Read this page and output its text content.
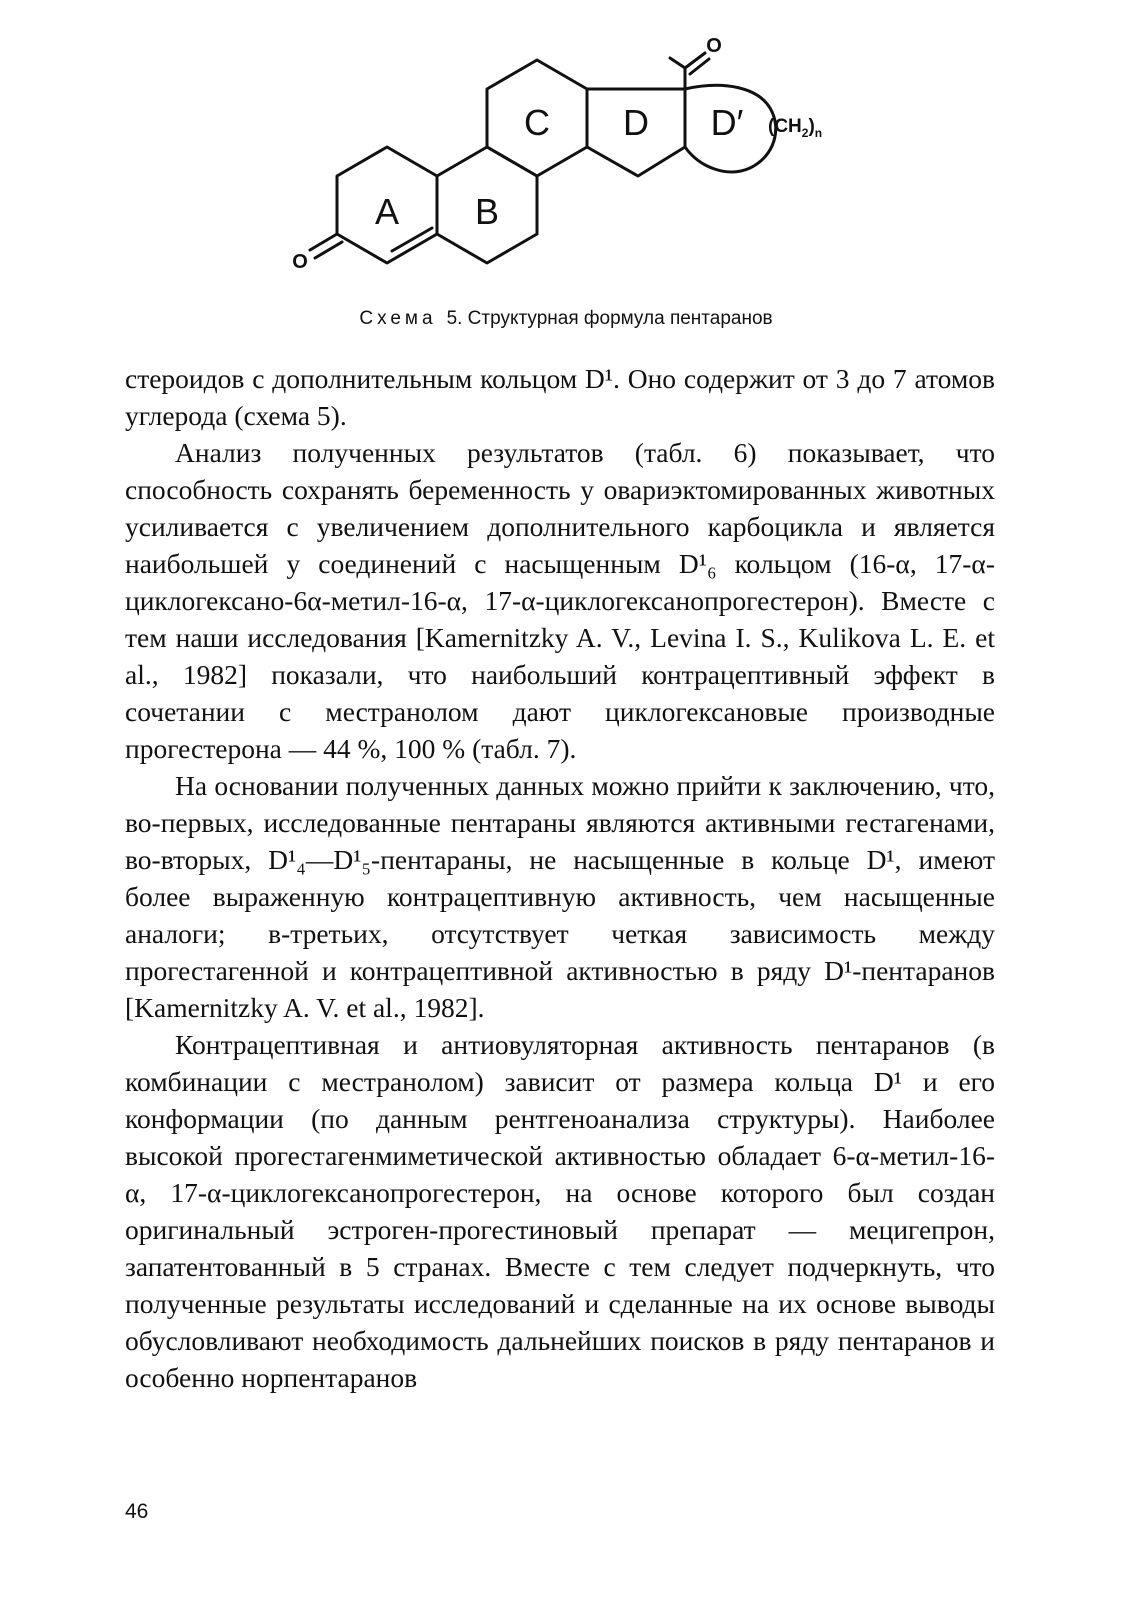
A B
C D D′
O
O
$(CH_2)_n$
Схема 5. Структурная формула пентаранов

стероидов с дополнительным кольцом D¹. Оно содержит от 3 до 7 атомов углерода (схема 5).

Анализ полученных результатов (табл. 6) показывает, что способность сохранять беременность у овариэктомированных животных усиливается с увеличением дополнительного карбоцикла и является наибольшей у соединений с насыщенным D¹₆ кольцом (16-α, 17-α-циклогексано-6α-метил-16-α, 17-α-циклогексанопрогестерон). Вместе с тем наши исследования [Kamernitzky A. V., Levina I. S., Kulikova L. E. et al., 1982] показали, что наибольший контрацептивный эффект в сочетании с местранолом дают циклогексановые производные прогестерона — 44 %, 100 % (табл. 7).

На основании полученных данных можно прийти к заключению, что, во-первых, исследованные пентараны являются активными гестагенами, во-вторых, D¹₄—D¹₅-пентараны, не насыщенные в кольце D¹, имеют более выраженную контрацептивную активность, чем насыщенные аналоги; в-третьих, отсутствует четкая зависимость между прогестагенной и контрацептивной активностью в ряду D¹-пентаранов [Kamernitzky A. V. et al., 1982].

Контрацептивная и антиовуляторная активность пентаранов (в комбинации с местранолом) зависит от размера кольца D¹ и его конформации (по данным рентгеноанализа структуры). Наиболее высокой прогестагенмиметической активностью обладает 6-α-метил-16-α, 17-α-циклогексанопрогестерон, на основе которого был создан оригинальный эстроген-прогестиновый препарат — мецигепрон, запатентованный в 5 странах. Вместе с тем следует подчеркнуть, что полученные результаты исследований и сделанные на их основе выводы обусловливают необходимость дальнейших поисков в ряду пентаранов и особенно норпентаранов

46
